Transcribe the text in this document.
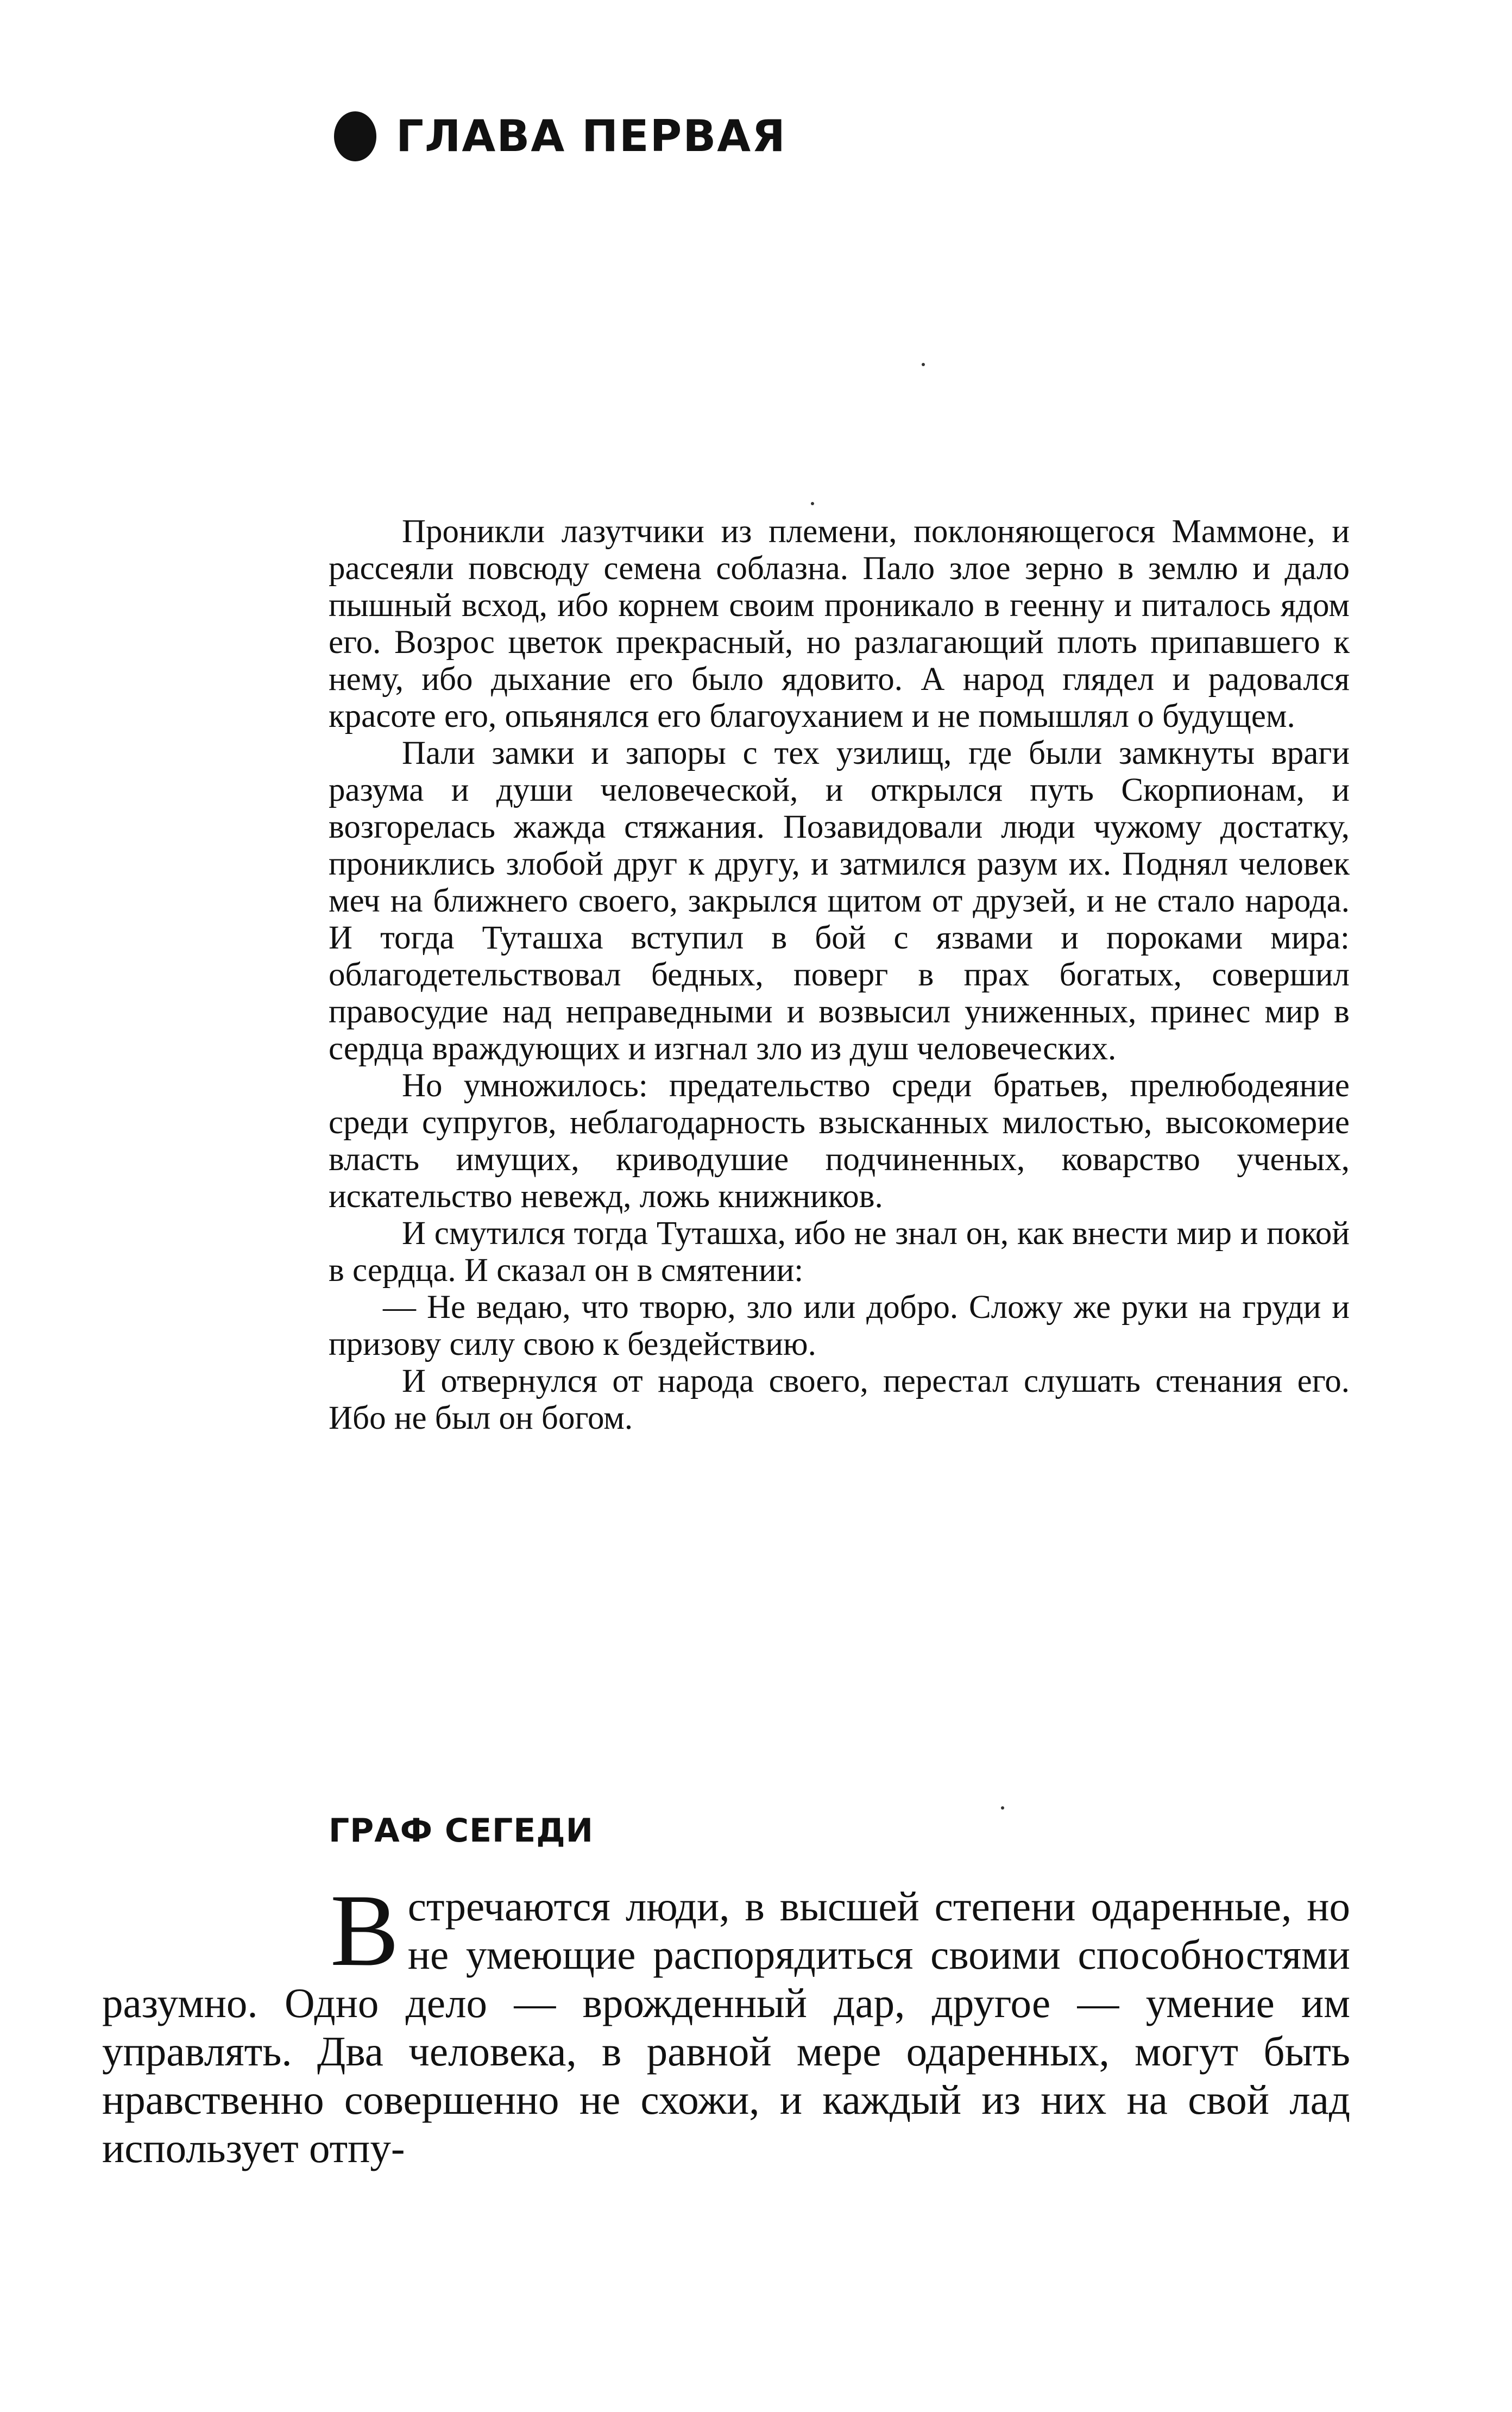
ГЛАВА ПЕРВАЯ

Проникли лазутчики из племени, поклоняющегося Маммоне, и рассеяли повсюду семена соблазна. Пало злое зерно в землю и дало пышный всход, ибо корнем своим проникало в геенну и питалось ядом его. Возрос цветок прекрасный, но разлагающий плоть припавшего к нему, ибо дыхание его было ядовито. А народ глядел и радовался красоте его, опьянялся его благоуханием и не помышлял о будущем.

Пали замки и запоры с тех узилищ, где были замкнуты враги разума и души человеческой, и открылся путь Скорпионам, и возгорелась жажда стяжания. Позавидовали люди чужому достатку, прониклись злобой друг к другу, и затмился разум их. Поднял человек меч на ближнего своего, закрылся щитом от друзей, и не стало народа. И тогда Туташха вступил в бой с язвами и пороками мира: облагодетельствовал бедных, поверг в прах богатых, совершил правосудие над неправедными и возвысил униженных, принес мир в сердца враждующих и изгнал зло из душ человеческих.

Но умножилось: предательство среди братьев, прелюбодеяние среди супругов, неблагодарность взысканных милостью, высокомерие власть имущих, криводушие подчиненных, коварство ученых, искательство невежд, ложь книжников.

И смутился тогда Туташха, ибо не знал он, как внести мир и покой в сердца. И сказал он в смятении:

— Не ведаю, что творю, зло или добро. Сложу же руки на груди и призову силу свою к бездействию.

И отвернулся от народа своего, перестал слушать стенания его. Ибо не был он богом.

ГРАФ СЕГЕДИ

Встречаются люди, в высшей степени одаренные, но не умеющие распорядиться своими способностями разумно. Одно дело — врожденный дар, другое — умение им управлять. Два человека, в равной мере одаренных, могут быть нравственно совершенно не схожи, и каждый из них на свой лад использует отпу-
